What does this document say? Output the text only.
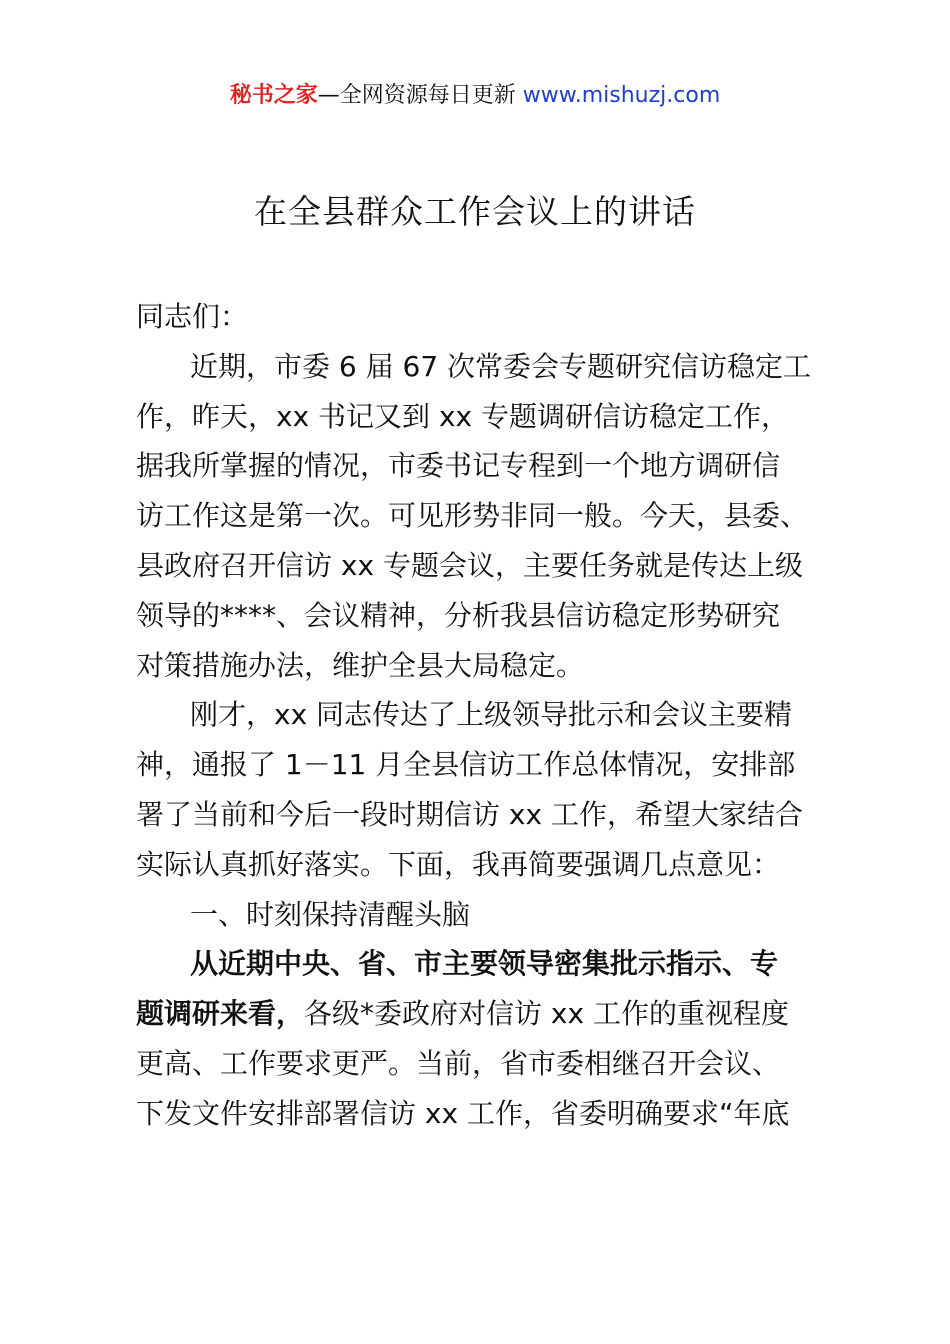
秘书之家—全网资源每日更新 www.mishuzj.com
在全县群众工作会议上的讲话
同志们：
近期，市委 6 届 67 次常委会专题研究信访稳定工
作，昨天，xx 书记又到 xx 专题调研信访稳定工作，
据我所掌握的情况，市委书记专程到一个地方调研信
访工作这是第一次。可见形势非同一般。今天，县委、
县政府召开信访 xx 专题会议，主要任务就是传达上级
领导的****、会议精神，分析我县信访稳定形势研究
对策措施办法，维护全县大局稳定。
刚才，xx 同志传达了上级领导批示和会议主要精
神，通报了 1－11 月全县信访工作总体情况，安排部
署了当前和今后一段时期信访 xx 工作，希望大家结合
实际认真抓好落实。下面，我再简要强调几点意见：
一、时刻保持清醒头脑
从近期中央、省、市主要领导密集批示指示、专
题调研来看，各级*委政府对信访 xx 工作的重视程度
更高、工作要求更严。当前，省市委相继召开会议、
下发文件安排部署信访 xx 工作，省委明确要求“年底
